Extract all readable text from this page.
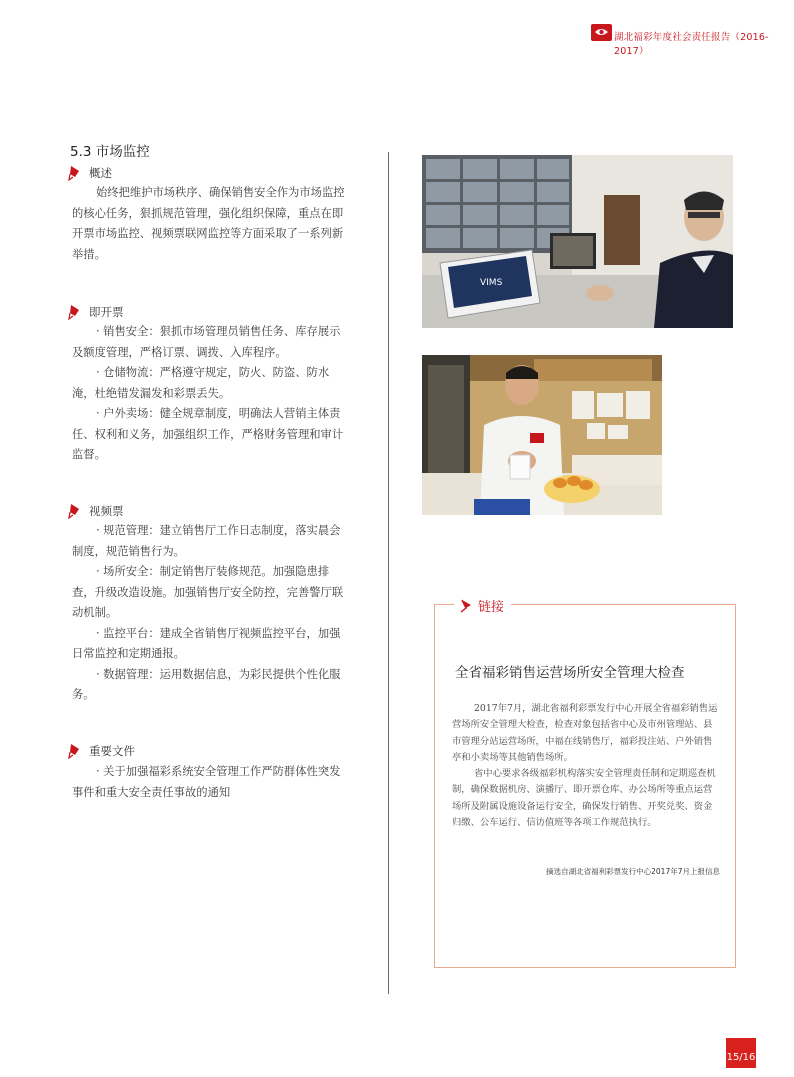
湖北福彩年度社会责任报告（2016-2017）
5.3 市场监控
概述

始终把维护市场秩序、确保销售安全作为市场监控的核心任务，狠抓规范管理，强化组织保障，重点在即开票市场监控、视频票联网监控等方面采取了一系列新举措。

即开票

· 销售安全：狠抓市场管理员销售任务、库存展示及额度管理，严格订票、调拨、入库程序。

· 仓储物流：严格遵守规定，防火、防盗、防水淹，杜绝错发漏发和彩票丢失。

· 户外卖场：健全规章制度，明确法人营销主体责任、权利和义务，加强组织工作，严格财务管理和审计监督。

视频票

· 规范管理：建立销售厅工作日志制度，落实晨会制度，规范销售行为。

· 场所安全：制定销售厅装修规范。加强隐患排查，升级改造设施。加强销售厅安全防控，完善警厅联动机制。

· 监控平台：建成全省销售厅视频监控平台，加强日常监控和定期通报。

· 数据管理：运用数据信息，为彩民提供个性化服务。

重要文件

· 关于加强福彩系统安全管理工作严防群体性突发事件和重大安全责任事故的通知

VIMS
链接
全省福彩销售运营场所安全管理大检查

2017年7月，湖北省福利彩票发行中心开展全省福彩销售运营场所安全管理大检查，检查对象包括省中心及市州管理站、县市管理分站运营场所，中福在线销售厅，福彩投注站、户外销售亭和小卖场等其他销售场所。

省中心要求各级福彩机构落实安全管理责任制和定期巡查机制，确保数据机房、演播厅、即开票仓库、办公场所等重点运营场所及附属设施设备运行安全，确保发行销售、开奖兑奖、资金归缴、公车运行、信访值班等各项工作规范执行。

摘选自湖北省福利彩票发行中心2017年7月上报信息
15/16
